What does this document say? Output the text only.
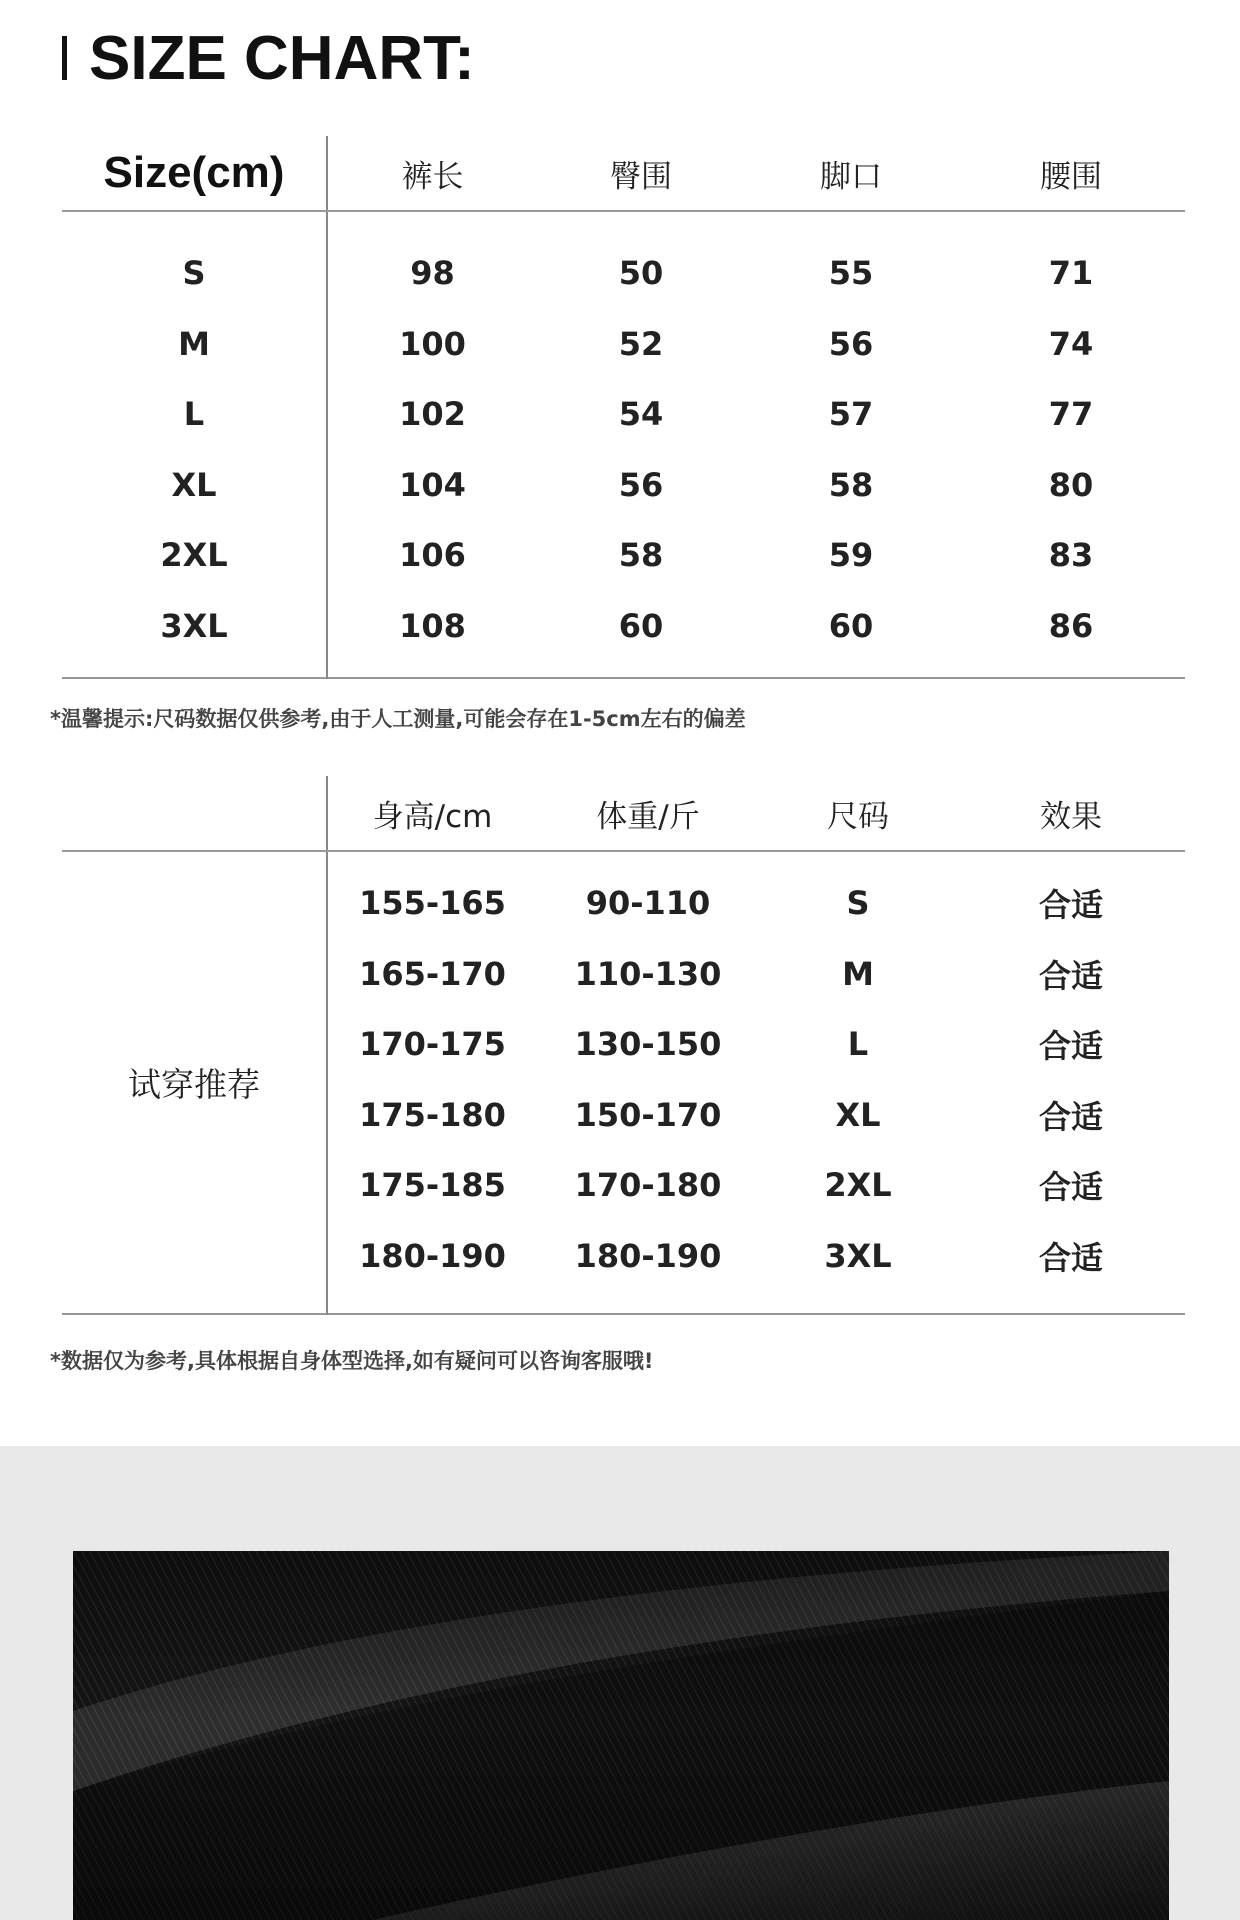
SIZE CHART:
Size(cm)	裤长	臀围	脚口	腰围

S	98	50	55	71
M	100	52	56	74
L	102	54	57	77
XL	104	56	58	80
2XL	106	58	59	83
3XL	108	60	60	86

*温馨提示:尺码数据仅供参考,由于人工测量,可能会存在1-5cm左右的偏差
	身高/cm	体重/斤	尺码	效果
试穿推荐				
	155-165	90-110	S	合适
	165-170	110-130	M	合适
	170-175	130-150	L	合适
	175-180	150-170	XL	合适
	175-185	170-180	2XL	合适
	180-190	180-190	3XL	合适

*数据仅为参考,具体根据自身体型选择,如有疑问可以咨询客服哦!
